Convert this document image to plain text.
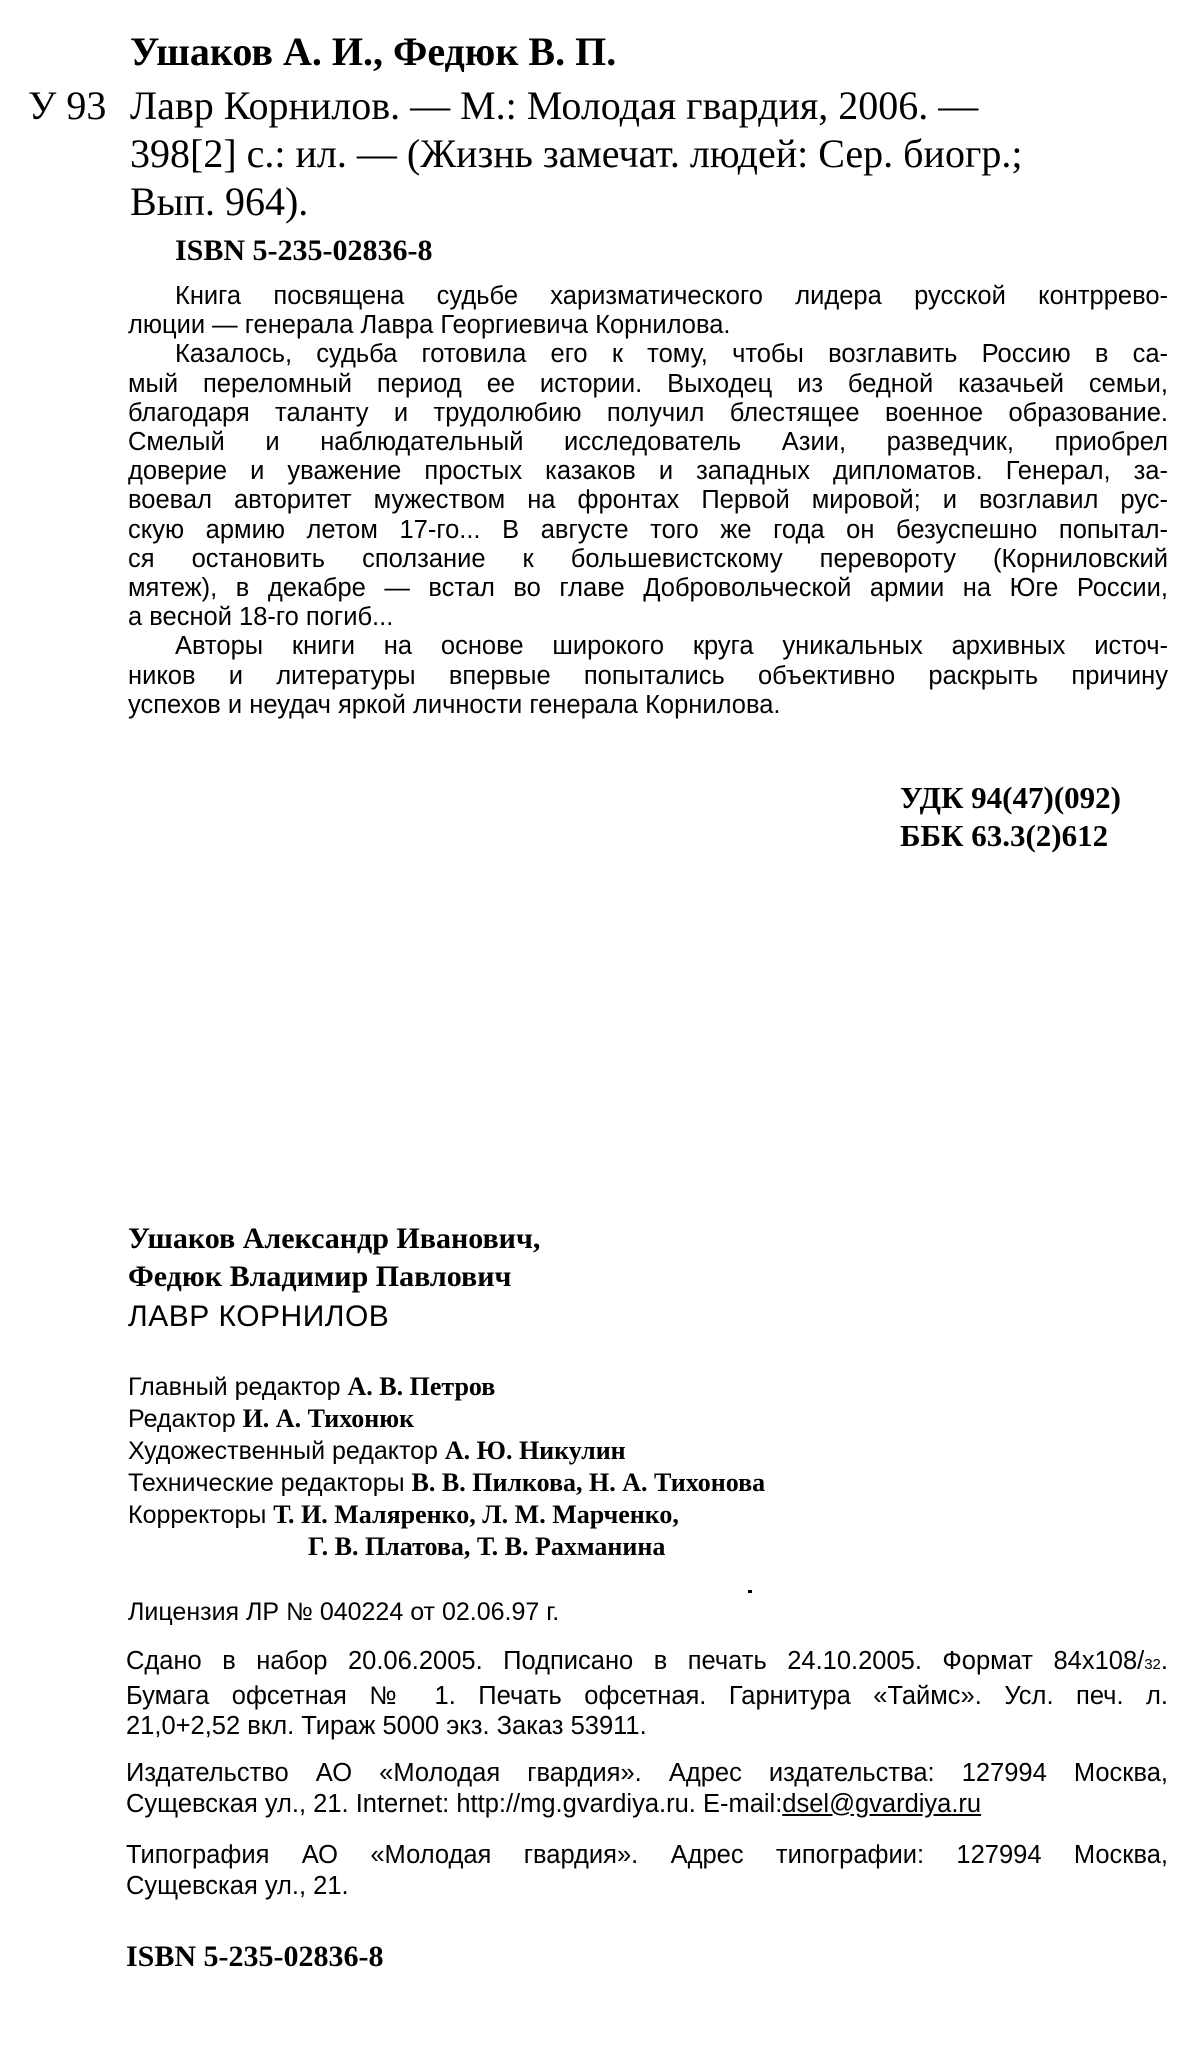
Ушаков А. И., Федюк В. П.
У 93 Лавр Корнилов. — М.: Молодая гвардия, 2006. —
398[2] с.: ил. — (Жизнь замечат. людей: Сер. биогр.;
Вып. 964).
ISBN 5-235-02836-8
Книга посвящена судьбе харизматического лидера русской контррево-
люции — генерала Лавра Георгиевича Корнилова.
Казалось, судьба готовила его к тому, чтобы возглавить Россию в са-
мый переломный период ее истории. Выходец из бедной казачьей семьи,
благодаря таланту и трудолюбию получил блестящее военное образование.
Смелый и наблюдательный исследователь Азии, разведчик, приобрел
доверие и уважение простых казаков и западных дипломатов. Генерал, за-
воевал авторитет мужеством на фронтах Первой мировой; и возглавил рус-
скую армию летом 17-го... В августе того же года он безуспешно попытал-
ся остановить сползание к большевистскому перевороту (Корниловский
мятеж), в декабре — встал во главе Добровольческой армии на Юге России,
а весной 18-го погиб...
Авторы книги на основе широкого круга уникальных архивных источ-
ников и литературы впервые попытались объективно раскрыть причину
успехов и неудач яркой личности генерала Корнилова.
УДК 94(47)(092)
ББК 63.3(2)612
Ушаков Александр Иванович,
Федюк Владимир Павлович
ЛАВР КОРНИЛОВ
Главный редактор А. В. Петров
Редактор И. А. Тихонюк
Художественный редактор А. Ю. Никулин
Технические редакторы В. В. Пилкова, Н. А. Тихонова
Корректоры Т. И. Маляренко, Л. М. Марченко,
Г. В. Платова, Т. В. Рахманина
Лицензия ЛР № 040224 от 02.06.97 г.
Сдано в набор 20.06.2005. Подписано в печать 24.10.2005. Формат 84х108/32.
Бумага офсетная № 1. Печать офсетная. Гарнитура «Таймс». Усл. печ. л.
21,0+2,52 вкл. Тираж 5000 экз. Заказ 53911.
Издательство АО «Молодая гвардия». Адрес издательства: 127994 Москва,
Сущевская ул., 21. Internet: http://mg.gvardiya.ru. E-mail:dsel@gvardiya.ru
Типография АО «Молодая гвардия». Адрес типографии: 127994 Москва,
Сущевская ул., 21.
ISBN 5-235-02836-8
